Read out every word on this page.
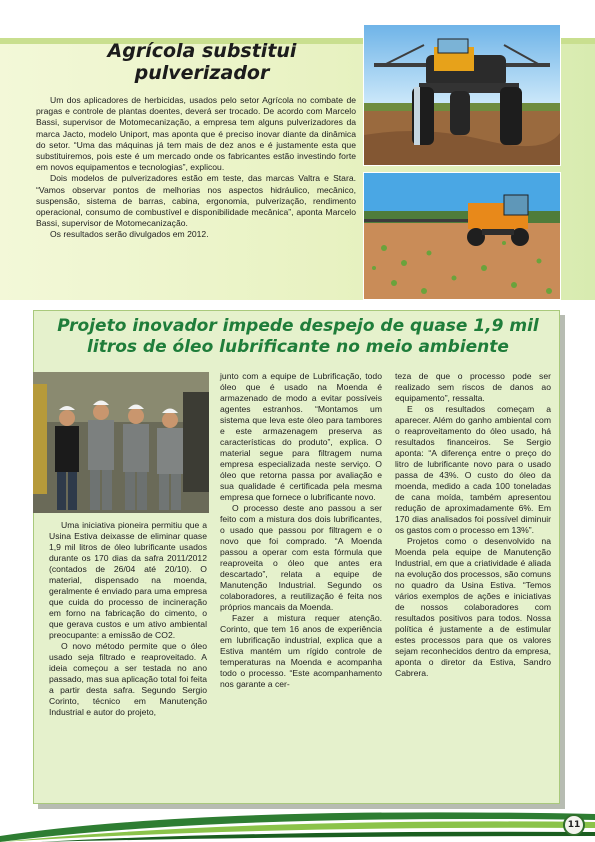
Agrícola substitui pulverizador

Um dos aplicadores de herbicidas, usados pelo setor Agrícola no combate de pragas e controle de plantas doentes, deverá ser trocado. De acordo com Marcelo Bassi, supervisor de Motomecanização, a empresa tem alguns pulverizadores da marca Jacto, modelo Uniport, mas aponta que é preciso inovar diante da dinâmica do setor. “Uma das máquinas já tem mais de dez anos e é justamente esta que substituiremos, pois este é um mercado onde os fabricantes estão investindo forte em novos equipamentos e tecnologias”, explicou.

Dois modelos de pulverizadores estão em teste, das marcas Valtra e Stara. “Vamos observar pontos de melhorias nos aspectos hidráulico, mecânico, suspensão, sistema de barras, cabina, ergonomia, pulverização, rendimento operacional, consumo de combustível e disponibilidade mecânica”, aponta Marcelo Bassi, supervisor de Motomecanização.

Os resultados serão divulgados em 2012.

Projeto inovador impede despejo de quase 1,9 mil litros de óleo lubrificante no meio ambiente

Uma iniciativa pioneira permitiu que a Usina Estiva deixasse de eliminar quase 1,9 mil litros de óleo lubrificante usados durante os 170 dias da safra 2011/2012 (contados de 26/04 até 20/10). O material, dispensado na moenda, geralmente é enviado para uma empresa que cuida do processo de incineração em forno na fabricação do cimento, o que gerava custos e um ativo ambiental preocupante: a emissão de CO2.

O novo método permite que o óleo usado seja filtrado e reaproveitado. A ideia começou a ser testada no ano passado, mas sua aplicação total foi feita a partir desta safra. Segundo Sergio Corinto, técnico em Manutenção Industrial e autor do projeto,

junto com a equipe de Lubrificação, todo óleo que é usado na Moenda é armazenado de modo a evitar possíveis agentes estranhos. “Montamos um sistema que leva este óleo para tambores e este armazenagem preserva as características do produto”, explica. O material segue para filtragem numa empresa especializada neste serviço. O óleo que retorna passa por avaliação e sua qualidade é certificada pela mesma empresa que fornece o lubrificante novo.

O processo deste ano passou a ser feito com a mistura dos dois lubrificantes, o usado que passou por filtragem e o novo que foi comprado. “A Moenda passou a operar com esta fórmula que reaproveita o óleo que antes era descartado”, relata a equipe de Manutenção Industrial. Segundo os colaboradores, a reutilização é feita nos próprios mancais da Moenda.

Fazer a mistura requer atenção. Corinto, que tem 16 anos de experiência em lubrificação industrial, explica que a Estiva mantém um rígido controle de temperaturas na Moenda e acompanha todo o processo. “Este acompanhamento nos garante a cer-

teza de que o processo pode ser realizado sem riscos de danos ao equipamento”, ressalta.

E os resultados começam a aparecer. Além do ganho ambiental com o reaproveitamento do óleo usado, há resultados financeiros. Se Sergio aponta: “A diferença entre o preço do litro de lubrificante novo para o usado passa de 43%. O custo do óleo da moenda, medido a cada 100 toneladas de cana moída, também apresentou redução de aproximadamente 6%. Em 170 dias analisados foi possível diminuir os gastos com o processo em 13%”.

Projetos como o desenvolvido na Moenda pela equipe de Manutenção Industrial, em que a criatividade é aliada na evolução dos processos, são comuns no quadro da Usina Estiva. “Temos vários exemplos de ações e iniciativas de nossos colaboradores com resultados positivos para todos. Nossa política é justamente a de estimular estes processos para que os valores sejam reconhecidos dentro da empresa, aponta o diretor da Estiva, Sandro Cabrera.

11
